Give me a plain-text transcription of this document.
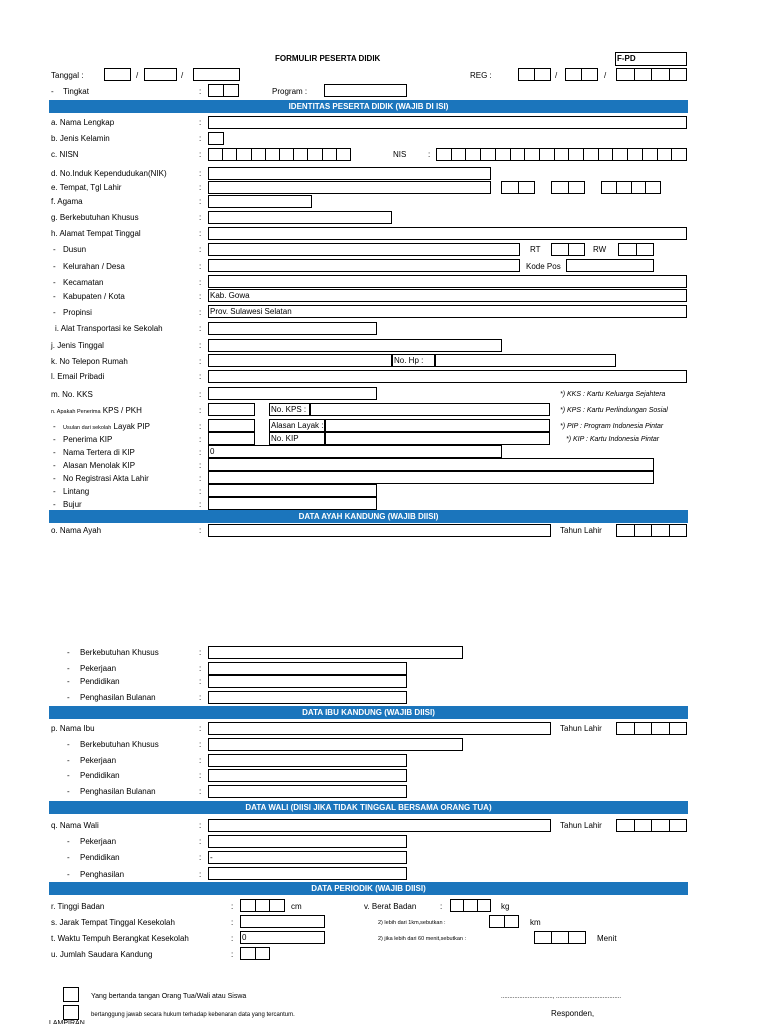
FORMULIR PESERTA DIDIK	F-PD
Tanggal :	/	/	REG :	/	/
- Tingkat	:	Program :
IDENTITAS PESERTA DIDIK (WAJIB DI ISI)
a. Nama Lengkap	:
b. Jenis Kelamin	:
c. NISN	:	NIS	:
d. No.Induk Kependudukan(NIK)	:
e. Tempat, Tgl Lahir	:
f. Agama	:
g. Berkebutuhan Khusus	:
h. Alamat Tempat Tinggal	:
- Dusun	:	RT	RW
- Kelurahan / Desa	:	Kode Pos
- Kecamatan	:
- Kabupaten / Kota	: Kab. Gowa
- Propinsi	: Prov. Sulawesi Selatan
i. Alat Transportasi ke Sekolah	:
j. Jenis Tinggal	:
k. No Telepon Rumah	:	No. Hp :
l. Email Pribadi	:
m. No. KKS	:	*) KKS : Kartu Keluarga Sejahtera
n. Apakah Penerima KPS / PKH	:	No. KPS :	*) KPS : Kartu Perlindungan Sosial
- Usulan dari sekolah Layak PIP	:	Alasan Layak :	*) PIP : Program Indonesia Pintar
- Penerima KIP	:	No. KIP	*) KIP : Kartu Indonesia Pintar
- Nama Tertera di KIP	: 0
- Alasan Menolak KIP	:
- No Registrasi Akta Lahir	:
- Lintang	:
- Bujur	:
DATA AYAH KANDUNG (WAJIB DIISI)
o. Nama Ayah	:	Tahun Lahir
- Berkebutuhan Khusus	:
- Pekerjaan	:
- Pendidikan	:
- Penghasilan Bulanan	:
DATA IBU KANDUNG (WAJIB DIISI)
p. Nama Ibu	:	Tahun Lahir
- Berkebutuhan Khusus	:
- Pekerjaan	:
- Pendidikan	:
- Penghasilan Bulanan	:
DATA WALI (DIISI JIKA TIDAK TINGGAL BERSAMA ORANG TUA)
q. Nama Wali	:	Tahun Lahir
- Pekerjaan	:
- Pendidikan	: -
- Penghasilan	:
DATA PERIODIK (WAJIB DIISI)
r. Tinggi Badan	:	cm	v. Berat Badan	:	kg
s. Jarak Tempat Tinggal Kesekolah	:	2) lebih dari 1km,sebutkan :	km
t. Waktu Tempuh Berangkat Kesekolah	: 0	2) jika lebih dari 60 menit,sebutkan :	Menit
u. Jumlah Saudara Kandung	:
Yang bertanda tangan Orang Tua/Wali atau Siswa	..............................., .......................................
bertanggung jawab secara hukum terhadap kebenaran data yang tercantum.	Responden,
LAMPIRAN
